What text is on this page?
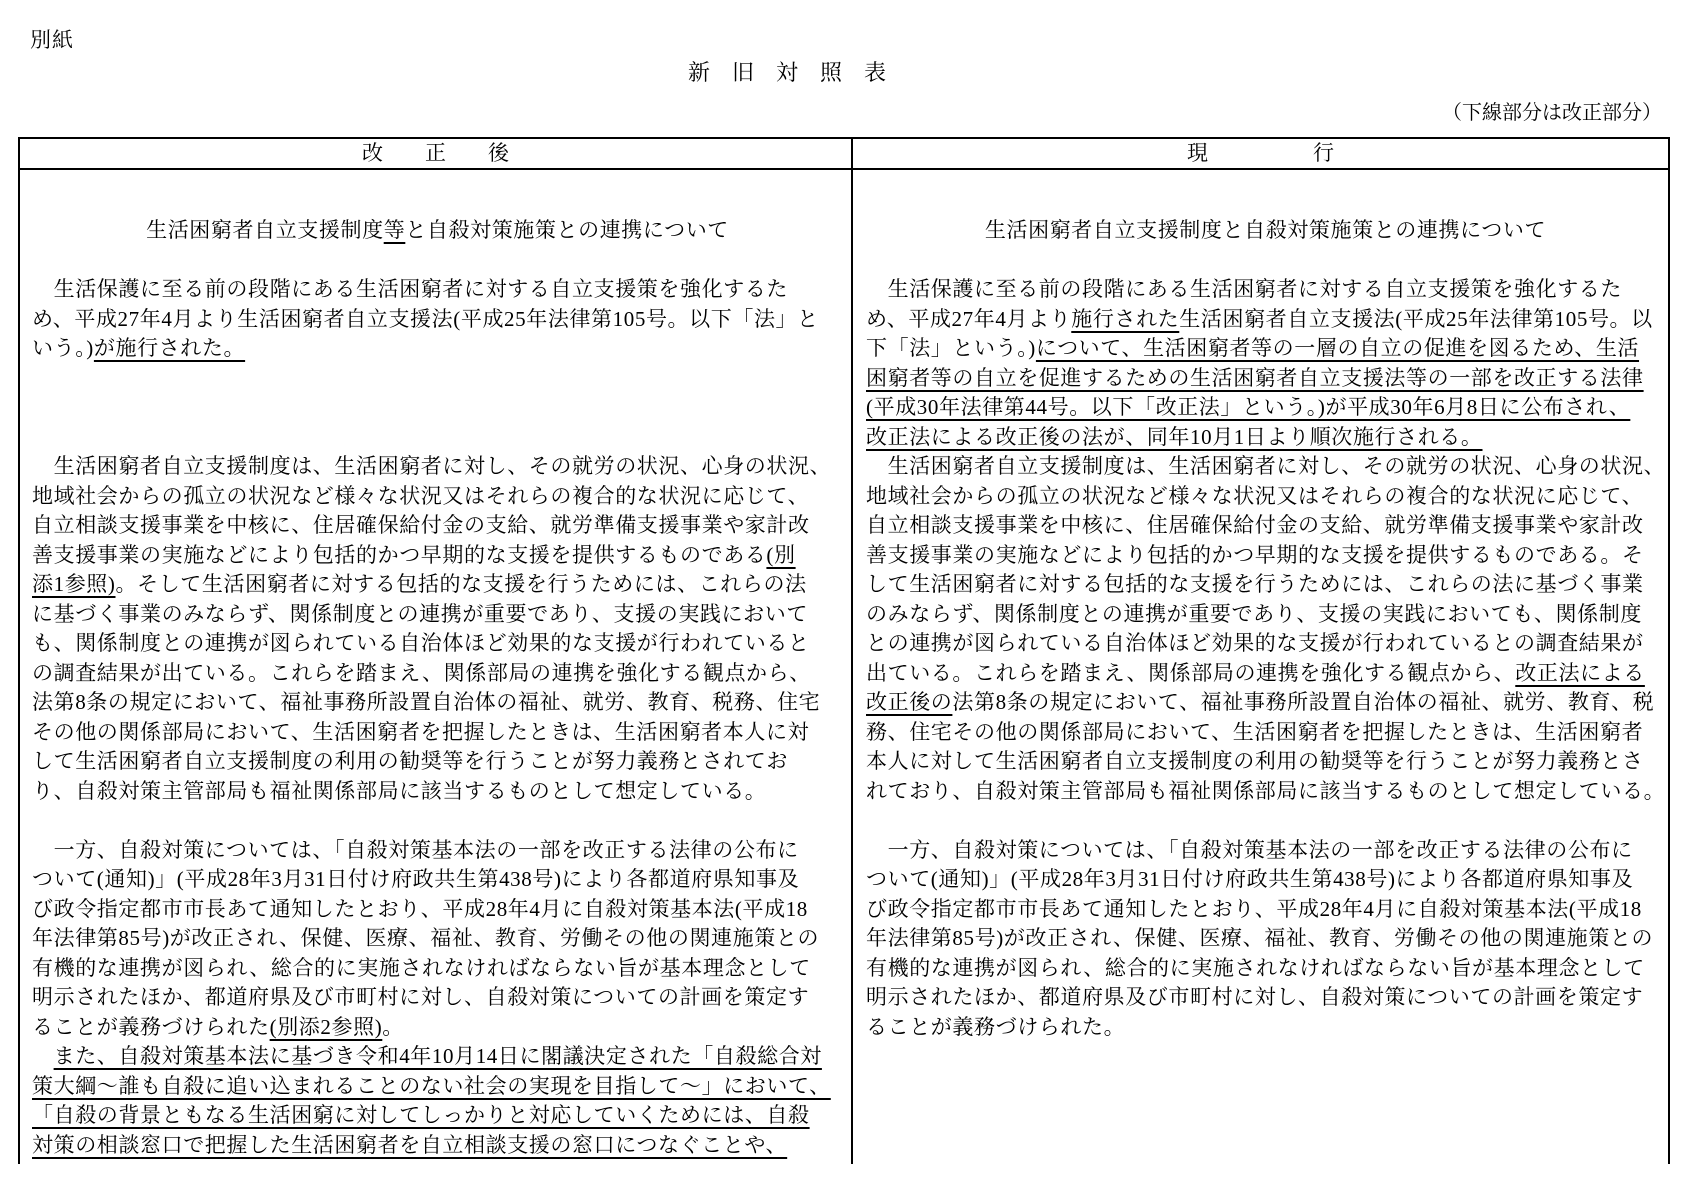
別紙
新　旧　対　照　表
（下線部分は改正部分）
改　　正　　後	現　　　　　行
生活困窮者自立支援制度等と自殺対策施策との連携について
　生活保護に至る前の段階にある生活困窮者に対する自立支援策を強化するた
め、平成27年4月より生活困窮者自立支援法(平成25年法律第105号。以下「法」と
いう。)が施行された。
　生活困窮者自立支援制度は、生活困窮者に対し、その就労の状況、心身の状況、
地域社会からの孤立の状況など様々な状況又はそれらの複合的な状況に応じて、
自立相談支援事業を中核に、住居確保給付金の支給、就労準備支援事業や家計改
善支援事業の実施などにより包括的かつ早期的な支援を提供するものである(別
添1参照)。そして生活困窮者に対する包括的な支援を行うためには、これらの法
に基づく事業のみならず、関係制度との連携が重要であり、支援の実践において
も、関係制度との連携が図られている自治体ほど効果的な支援が行われていると
の調査結果が出ている。これらを踏まえ、関係部局の連携を強化する観点から、
法第8条の規定において、福祉事務所設置自治体の福祉、就労、教育、税務、住宅
その他の関係部局において、生活困窮者を把握したときは、生活困窮者本人に対
して生活困窮者自立支援制度の利用の勧奨等を行うことが努力義務とされてお
り、自殺対策主管部局も福祉関係部局に該当するものとして想定している。
　一方、自殺対策については、「自殺対策基本法の一部を改正する法律の公布に
ついて(通知)」(平成28年3月31日付け府政共生第438号)により各都道府県知事及
び政令指定都市市長あて通知したとおり、平成28年4月に自殺対策基本法(平成18
年法律第85号)が改正され、保健、医療、福祉、教育、労働その他の関連施策との
有機的な連携が図られ、総合的に実施されなければならない旨が基本理念として
明示されたほか、都道府県及び市町村に対し、自殺対策についての計画を策定す
ることが義務づけられた(別添2参照)。
　また、自殺対策基本法に基づき令和4年10月14日に閣議決定された「自殺総合対
策大綱～誰も自殺に追い込まれることのない社会の実現を目指して～」において、
「自殺の背景ともなる生活困窮に対してしっかりと対応していくためには、自殺
対策の相談窓口で把握した生活困窮者を自立相談支援の窓口につなぐことや、
生活困窮者自立支援制度と自殺対策施策との連携について
　生活保護に至る前の段階にある生活困窮者に対する自立支援策を強化するた
め、平成27年4月より施行された生活困窮者自立支援法(平成25年法律第105号。以
下「法」という。)について、生活困窮者等の一層の自立の促進を図るため、生活
困窮者等の自立を促進するための生活困窮者自立支援法等の一部を改正する法律
(平成30年法律第44号。以下「改正法」という。)が平成30年6月8日に公布され、
改正法による改正後の法が、同年10月1日より順次施行される。
　生活困窮者自立支援制度は、生活困窮者に対し、その就労の状況、心身の状況、
地域社会からの孤立の状況など様々な状況又はそれらの複合的な状況に応じて、
自立相談支援事業を中核に、住居確保給付金の支給、就労準備支援事業や家計改
善支援事業の実施などにより包括的かつ早期的な支援を提供するものである。そ
して生活困窮者に対する包括的な支援を行うためには、これらの法に基づく事業
のみならず、関係制度との連携が重要であり、支援の実践においても、関係制度
との連携が図られている自治体ほど効果的な支援が行われているとの調査結果が
出ている。これらを踏まえ、関係部局の連携を強化する観点から、改正法による
改正後の法第8条の規定において、福祉事務所設置自治体の福祉、就労、教育、税
務、住宅その他の関係部局において、生活困窮者を把握したときは、生活困窮者
本人に対して生活困窮者自立支援制度の利用の勧奨等を行うことが努力義務とさ
れており、自殺対策主管部局も福祉関係部局に該当するものとして想定している。
　一方、自殺対策については、「自殺対策基本法の一部を改正する法律の公布に
ついて(通知)」(平成28年3月31日付け府政共生第438号)により各都道府県知事及
び政令指定都市市長あて通知したとおり、平成28年4月に自殺対策基本法(平成18
年法律第85号)が改正され、保健、医療、福祉、教育、労働その他の関連施策との
有機的な連携が図られ、総合的に実施されなければならない旨が基本理念として
明示されたほか、都道府県及び市町村に対し、自殺対策についての計画を策定す
ることが義務づけられた。
